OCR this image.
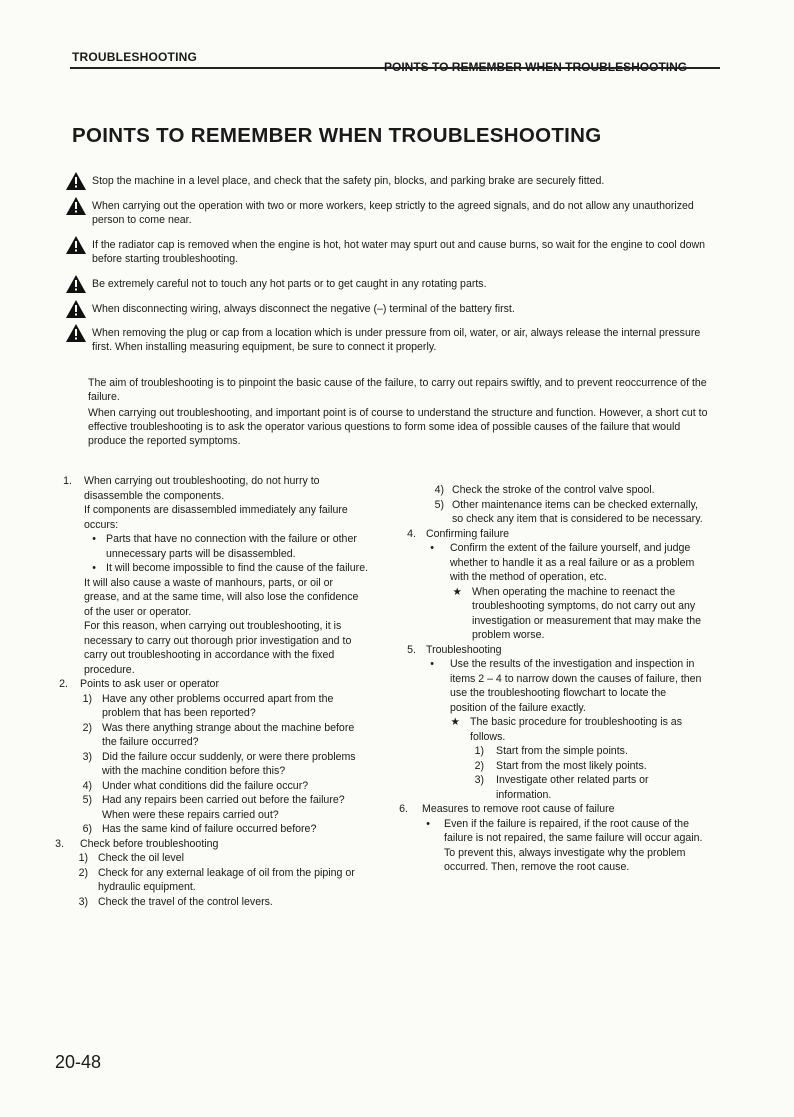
TROUBLESHOOTING
POINTS TO REMEMBER WHEN TROUBLESHOOTING
Stop the machine in a level place, and check that the safety pin, blocks, and parking brake are securely fitted.
When carrying out the operation with two or more workers, keep strictly to the agreed signals, and do not allow any unauthorized person to come near.
If the radiator cap is removed when the engine is hot, hot water may spurt out and cause burns, so wait for the engine to cool down before starting troubleshooting.
Be extremely careful not to touch any hot parts or to get caught in any rotating parts.
When disconnecting wiring, always disconnect the negative (–) terminal of the battery first.
When removing the plug or cap from a location which is under pressure from oil, water, or air, always release the internal pressure first. When installing measuring equipment, be sure to connect it properly.
The aim of troubleshooting is to pinpoint the basic cause of the failure, to carry out repairs swiftly, and to prevent reoccurrence of the failure.
When carrying out troubleshooting, and important point is of course to understand the structure and function. However, a short cut to effective troubleshooting is to ask the operator various questions to form some idea of possible causes of the failure that would produce the reported symptoms.
1. When carrying out troubleshooting, do not hurry to disassemble the components.
If components are disassembled immediately any failure occurs:
• Parts that have no connection with the failure or other unnecessary parts will be disassembled.
• It will become impossible to find the cause of the failure.
It will also cause a waste of manhours, parts, or oil or grease, and at the same time, will also lose the confidence of the user or operator.
For this reason, when carrying out troubleshooting, it is necessary to carry out thorough prior investigation and to carry out troubleshooting in accordance with the fixed procedure.
2. Points to ask user or operator
1) Have any other problems occurred apart from the problem that has been reported?
2) Was there anything strange about the machine before the failure occurred?
3) Did the failure occur suddenly, or were there problems with the machine condition before this?
4) Under what conditions did the failure occur?
5) Had any repairs been carried out before the failure?
When were these repairs carried out?
6) Has the same kind of failure occurred before?
3. Check before troubleshooting
1) Check the oil level
2) Check for any external leakage of oil from the piping or hydraulic equipment.
3) Check the travel of the control levers.
4) Check the stroke of the control valve spool.
5) Other maintenance items can be checked externally, so check any item that is considered to be necessary.
4. Confirming failure
• Confirm the extent of the failure yourself, and judge whether to handle it as a real failure or as a problem with the method of operation, etc.
★ When operating the machine to reenact the troubleshooting symptoms, do not carry out any investigation or measurement that may make the problem worse.
5. Troubleshooting
• Use the results of the investigation and inspection in items 2 – 4 to narrow down the causes of failure, then use the troubleshooting flowchart to locate the position of the failure exactly.
★ The basic procedure for troubleshooting is as follows.
1) Start from the simple points.
2) Start from the most likely points.
3) Investigate other related parts or information.
6. Measures to remove root cause of failure
• Even if the failure is repaired, if the root cause of the failure is not repaired, the same failure will occur again.
To prevent this, always investigate why the problem occurred. Then, remove the root cause.
20-48
